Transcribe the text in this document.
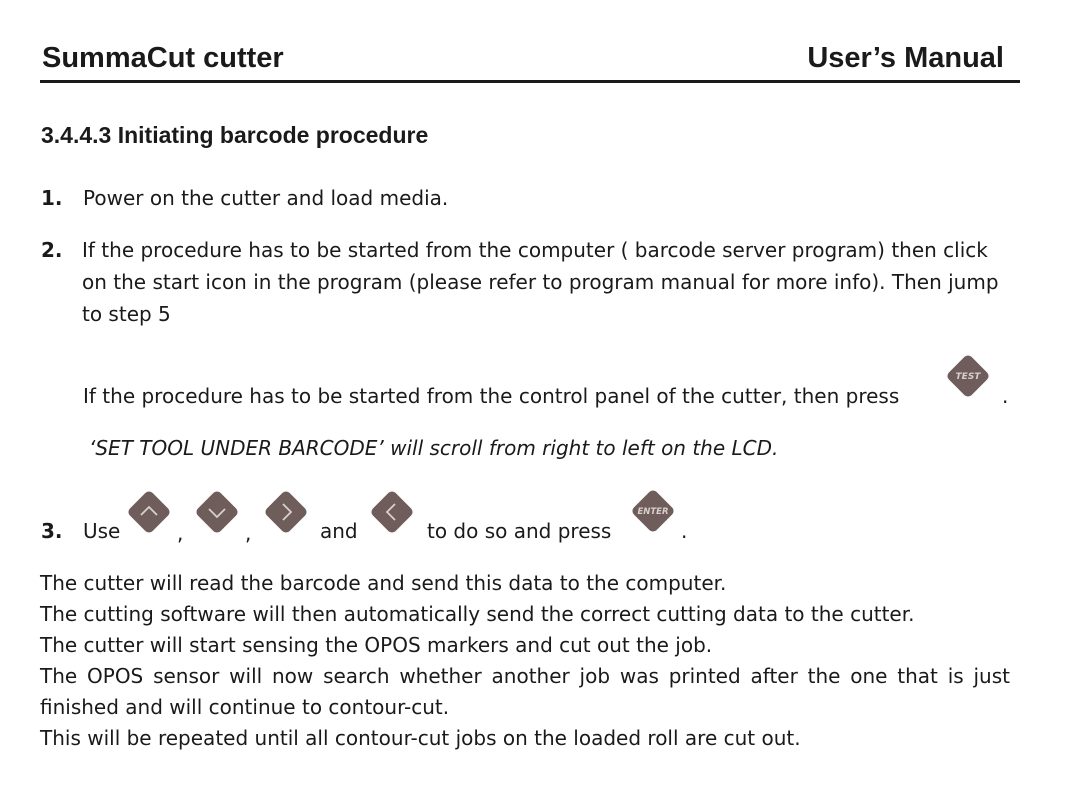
SummaCut cutter	User’s Manual
3.4.4.3 Initiating barcode procedure
1. Power on the cutter and load media.
2. If the procedure has to be started from the computer ( barcode server program) then click on the start icon in the program (please refer to program manual for more info). Then jump to step 5
If the procedure has to be started from the control panel of the cutter, then press
TEST
.
‘SET TOOL UNDER BARCODE’ will scroll from right to left on the LCD.
3. Use	,	,	and	to do so and press
ENTER
.
The cutter will read the barcode and send this data to the computer.
The cutting software will then automatically send the correct cutting data to the cutter.
The cutter will start sensing the OPOS markers and cut out the job.
The OPOS sensor will now search whether another job was printed after the one that is just finished and will continue to contour-cut.
This will be repeated until all contour-cut jobs on the loaded roll are cut out.
